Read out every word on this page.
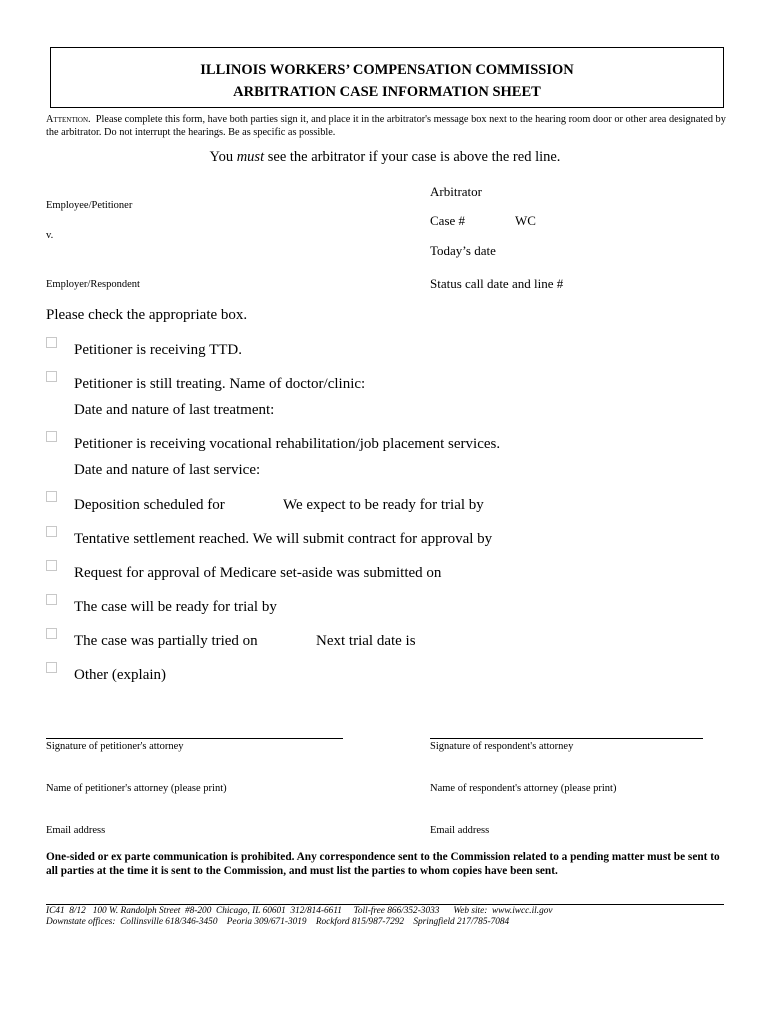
ILLINOIS WORKERS’ COMPENSATION COMMISSION
ARBITRATION CASE INFORMATION SHEET
Attention. Please complete this form, have both parties sign it, and place it in the arbitrator's message box next to the hearing room door or other area designated by the arbitrator. Do not interrupt the hearings. Be as specific as possible.
You must see the arbitrator if your case is above the red line.
Employee/Petitioner
v.
Employer/Respondent
Arbitrator
Case #	WC
Today’s date
Status call date and line #
Please check the appropriate box.
Petitioner is receiving TTD.
Petitioner is still treating. Name of doctor/clinic:
Date and nature of last treatment:
Petitioner is receiving vocational rehabilitation/job placement services.
Date and nature of last service:
Deposition scheduled for	We expect to be ready for trial by
Tentative settlement reached. We will submit contract for approval by
Request for approval of Medicare set-aside was submitted on
The case will be ready for trial by
The case was partially tried on	Next trial date is
Other (explain)
Signature of petitioner's attorney	Signature of respondent's attorney
Name of petitioner's attorney (please print)	Name of respondent's attorney (please print)
Email address	Email address
One-sided or ex parte communication is prohibited. Any correspondence sent to the Commission related to a pending matter must be sent to all parties at the time it is sent to the Commission, and must list the parties to whom copies have been sent.
IC41  8/12   100 W. Randolph Street  #8-200  Chicago, IL 60601  312/814-6611     Toll-free 866/352-3033      Web site:  www.iwcc.il.gov
Downstate offices:  Collinsville 618/346-3450    Peoria 309/671-3019    Rockford 815/987-7292    Springfield 217/785-7084
